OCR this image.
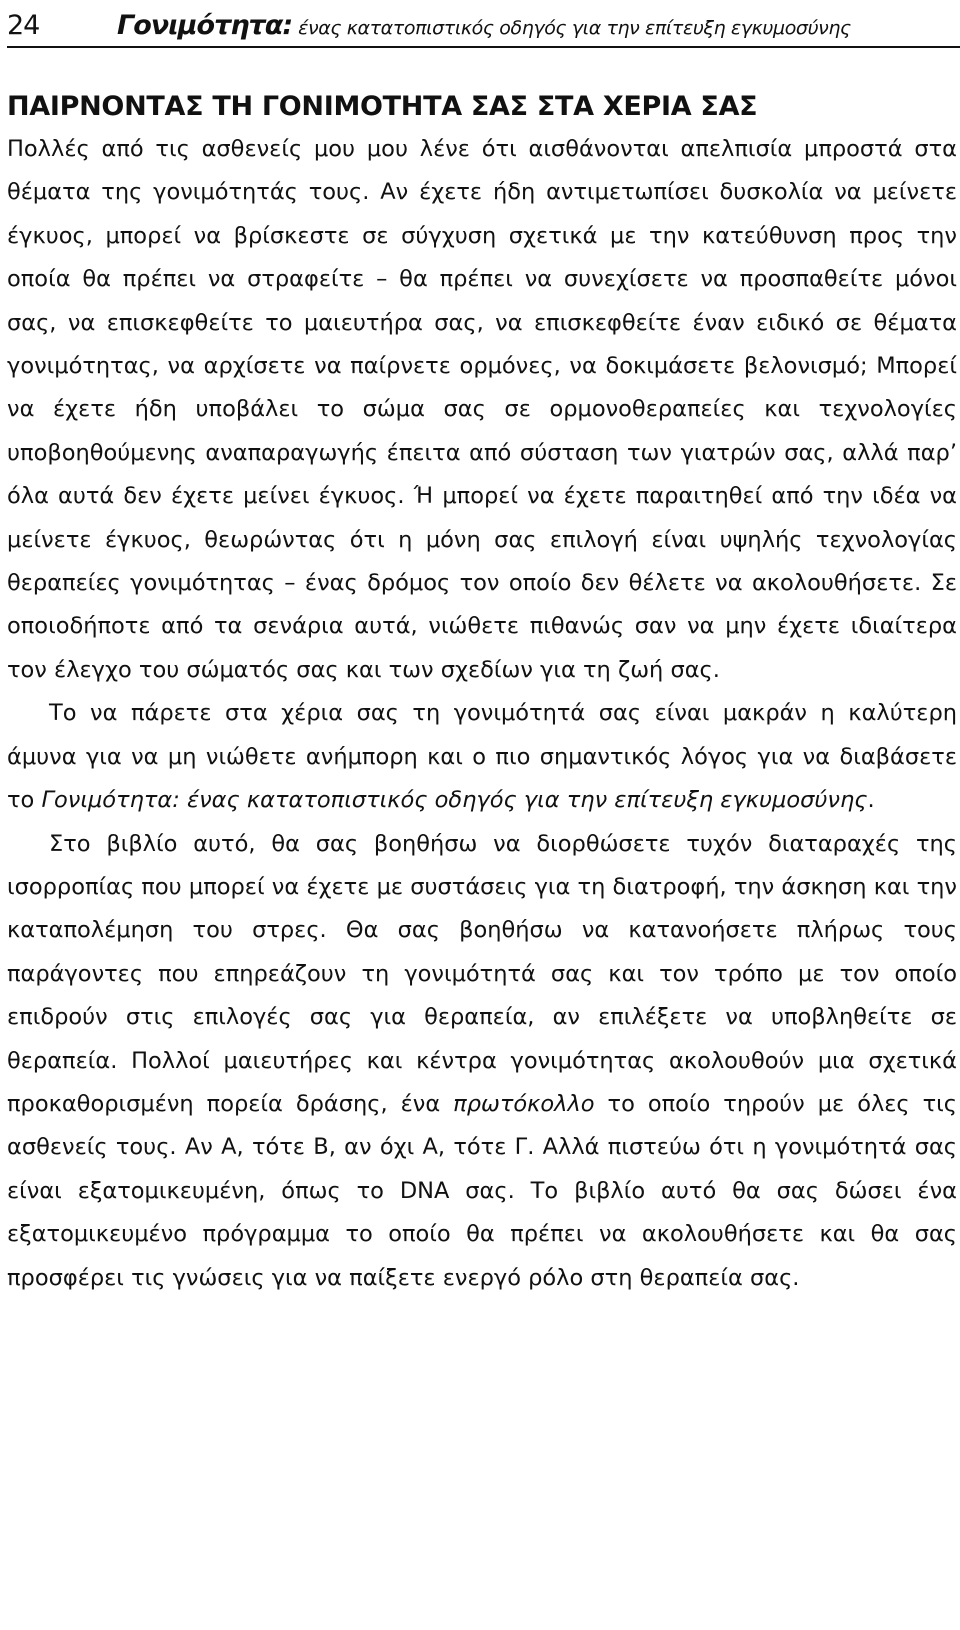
24	Γονιμότητα: ένας κατατοπιστικός οδηγός για την επίτευξη εγκυμοσύνης
ΠΑΙΡΝΟΝΤΑΣ ΤΗ ΓΟΝΙΜΟΤΗΤΑ ΣΑΣ ΣΤΑ ΧΕΡΙΑ ΣΑΣ

Πολλές από τις ασθενείς μου μου λένε ότι αισθάνονται απελπισία μπροστά στα θέματα της γονιμότητάς τους. Αν έχετε ήδη αντιμετωπίσει δυσκολία να μείνετε έγκυος, μπορεί να βρίσκεστε σε σύγχυση σχετικά με την κατεύθυνση προς την οποία θα πρέπει να στραφείτε – θα πρέπει να συνεχίσετε να προσπαθείτε μόνοι σας, να επισκεφθείτε το μαιευτήρα σας, να επισκεφθείτε έναν ειδικό σε θέματα γονιμότητας, να αρχίσετε να παίρνετε ορμόνες, να δοκιμάσετε βελονισμό; Μπορεί να έχετε ήδη υποβάλει το σώμα σας σε ορμονοθεραπείες και τεχνολογίες υποβοηθούμενης αναπαραγωγής έπειτα από σύσταση των γιατρών σας, αλλά παρ’ όλα αυτά δεν έχετε μείνει έγκυος. Ή μπορεί να έχετε παραιτηθεί από την ιδέα να μείνετε έγκυος, θεωρώντας ότι η μόνη σας επιλογή είναι υψηλής τεχνολογίας θεραπείες γονιμότητας – ένας δρόμος τον οποίο δεν θέλετε να ακολουθήσετε. Σε οποιοδήποτε από τα σενάρια αυτά, νιώθετε πιθανώς σαν να μην έχετε ιδιαίτερα τον έλεγχο του σώματός σας και των σχεδίων για τη ζωή σας.

Το να πάρετε στα χέρια σας τη γονιμότητά σας είναι μακράν η καλύτερη άμυνα για να μη νιώθετε ανήμπορη και ο πιο σημαντικός λόγος για να διαβάσετε το Γονιμότητα: ένας κατατοπιστικός οδηγός για την επίτευξη εγκυμοσύνης.

Στο βιβλίο αυτό, θα σας βοηθήσω να διορθώσετε τυχόν διαταραχές της ισορροπίας που μπορεί να έχετε με συστάσεις για τη διατροφή, την άσκηση και την καταπολέμηση του στρες. Θα σας βοηθήσω να κατανοήσετε πλήρως τους παράγοντες που επηρεάζουν τη γονιμότητά σας και τον τρόπο με τον οποίο επιδρούν στις επιλογές σας για θεραπεία, αν επιλέξετε να υποβληθείτε σε θεραπεία. Πολλοί μαιευτήρες και κέντρα γονιμότητας ακολουθούν μια σχετικά προκαθορισμένη πορεία δράσης, ένα πρωτόκολλο το οποίο τηρούν με όλες τις ασθενείς τους. Αν Α, τότε Β, αν όχι Α, τότε Γ. Αλλά πιστεύω ότι η γονιμότητά σας είναι εξατομικευμένη, όπως το DNA σας. Το βιβλίο αυτό θα σας δώσει ένα εξατομικευμένο πρόγραμμα το οποίο θα πρέπει να ακολουθήσετε και θα σας προσφέρει τις γνώσεις για να παίξετε ενεργό ρόλο στη θεραπεία σας.
